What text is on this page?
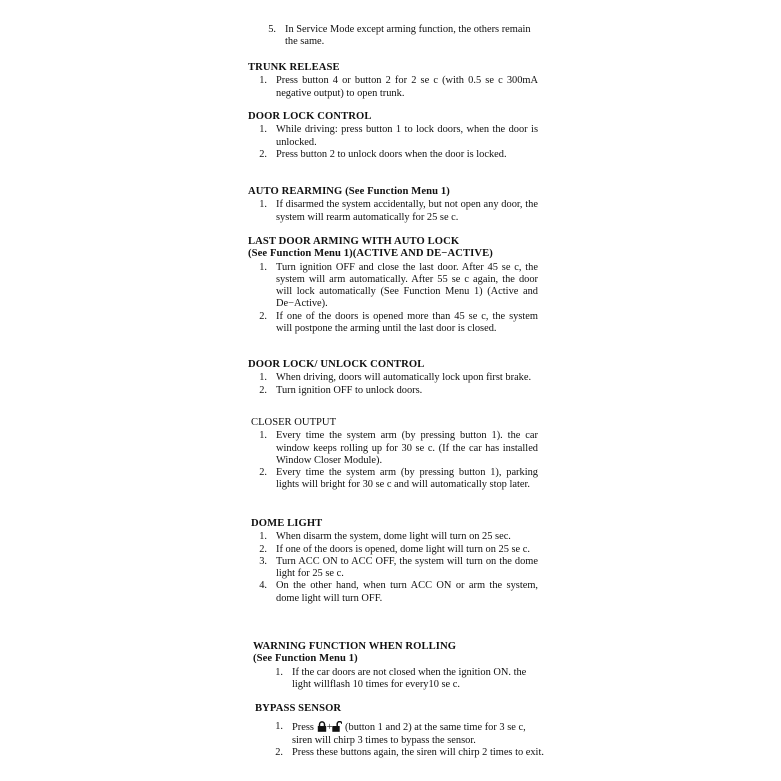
5. In Service Mode except arming function, the others remain the same.
TRUNK RELEASE
1. Press button 4 or button 2 for 2 se c (with 0.5 se c 300mA negative output) to open trunk.
DOOR LOCK CONTROL
1. While driving: press button 1 to lock doors, when the door is unlocked.
2. Press button 2 to unlock doors when the door is locked.
AUTO REARMING (See Function Menu 1)
1. If disarmed the system accidentally, but not open any door, the system will rearm automatically for 25 se c.
LAST DOOR ARMING WITH AUTO LOCK
(See Function Menu 1)(ACTIVE AND DE−ACTIVE)
1. Turn ignition OFF and close the last door. After 45 se c, the system will arm automatically. After 55 se c again, the door will lock automatically (See Function Menu 1) (Active and De−Active).
2. If one of the doors is opened more than 45 se c, the system will postpone the arming until the last door is closed.
DOOR LOCK/ UNLOCK CONTROL
1. When driving, doors will automatically lock upon first brake.
2. Turn ignition OFF to unlock doors.
CLOSER OUTPUT
1. Every time the system arm (by pressing button 1). the car window keeps rolling up for 30 se c. (If the car has installed Window Closer Module).
2. Every time the system arm (by pressing button 1), parking lights will bright for 30 se c and will automatically stop later.
DOME LIGHT
1. When disarm the system, dome light will turn on 25 sec.
2. If one of the doors is opened, dome light will turn on 25 se c.
3. Turn ACC ON to ACC OFF, the system will turn on the dome light for 25 se c.
4. On the other hand, when turn ACC ON or arm the system, dome light will turn OFF.
WARNING FUNCTION WHEN ROLLING
(See Function Menu 1)
1. If the car doors are not closed when the ignition ON. the light willflash 10 times for every10 se c.
BYPASS SENSOR
1. Press + (button 1 and 2) at the same time for 3 se c, siren will chirp 3 times to bypass the sensor.
2. Press these buttons again, the siren will chirp 2 times to exit.
